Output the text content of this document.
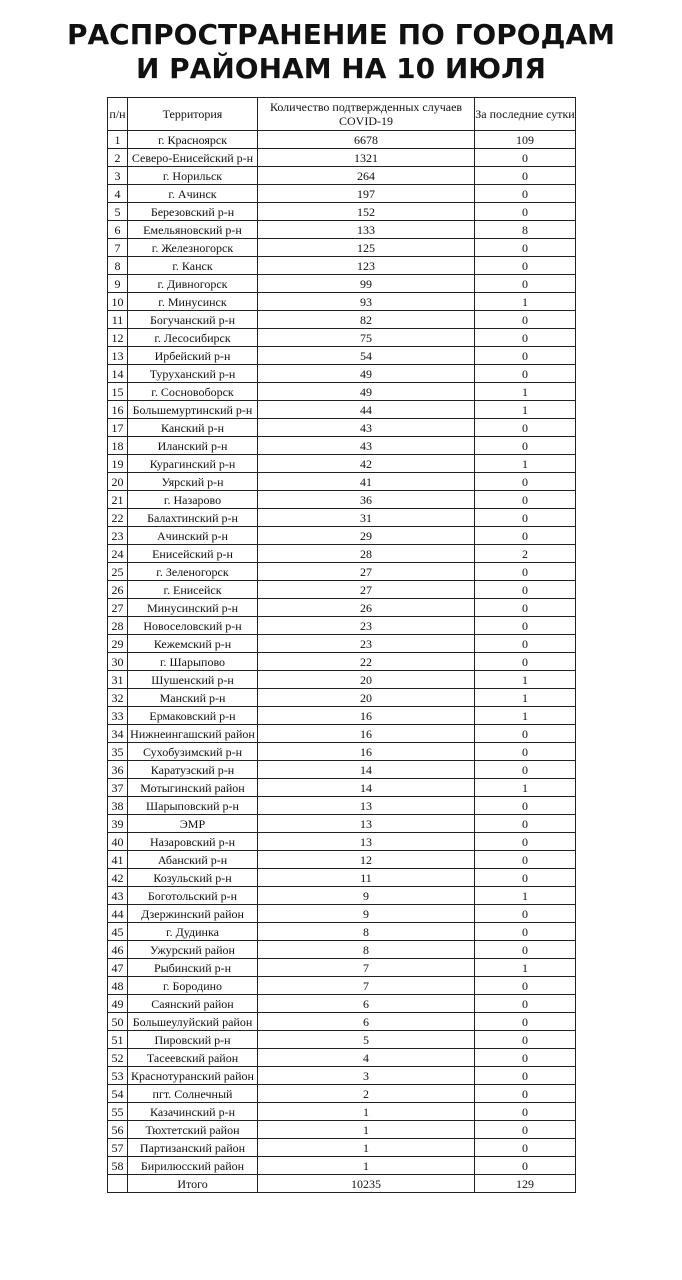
РАСПРОСТРАНЕНИЕ ПО ГОРОДАМ
И РАЙОНАМ НА 10 ИЮЛЯ
п/н	Территория	Количество подтвержденных случаев COVID-19	За последние сутки
1	г. Красноярск	6678	109
2	Северо-Енисейский р-н	1321	0
3	г. Норильск	264	0
4	г. Ачинск	197	0
5	Березовский р-н	152	0
6	Емельяновский р-н	133	8
7	г. Железногорск	125	0
8	г. Канск	123	0
9	г. Дивногорск	99	0
10	г. Минусинск	93	1
11	Богучанский р-н	82	0
12	г. Лесосибирск	75	0
13	Ирбейский р-н	54	0
14	Туруханский р-н	49	0
15	г. Сосновоборск	49	1
16	Большемуртинский р-н	44	1
17	Канский р-н	43	0
18	Иланский р-н	43	0
19	Курагинский р-н	42	1
20	Уярский р-н	41	0
21	г. Назарово	36	0
22	Балахтинский р-н	31	0
23	Ачинский р-н	29	0
24	Енисейский р-н	28	2
25	г. Зеленогорск	27	0
26	г. Енисейск	27	0
27	Минусинский р-н	26	0
28	Новоселовский р-н	23	0
29	Кежемский р-н	23	0
30	г. Шарыпово	22	0
31	Шушенский р-н	20	1
32	Манский р-н	20	1
33	Ермаковский р-н	16	1
34	Нижнеингашский район	16	0
35	Сухобузимский р-н	16	0
36	Каратузский р-н	14	0
37	Мотыгинский район	14	1
38	Шарыповский р-н	13	0
39	ЭМР	13	0
40	Назаровский р-н	13	0
41	Абанский р-н	12	0
42	Козульский р-н	11	0
43	Боготольский р-н	9	1
44	Дзержинский район	9	0
45	г. Дудинка	8	0
46	Ужурский район	8	0
47	Рыбинский р-н	7	1
48	г. Бородино	7	0
49	Саянский район	6	0
50	Большеулуйский район	6	0
51	Пировский р-н	5	0
52	Тасеевский район	4	0
53	Краснотуранский район	3	0
54	пгт. Солнечный	2	0
55	Казачинский р-н	1	0
56	Тюхтетский район	1	0
57	Партизанский район	1	0
58	Бирилюсский район	1	0
	Итого	10235	129
